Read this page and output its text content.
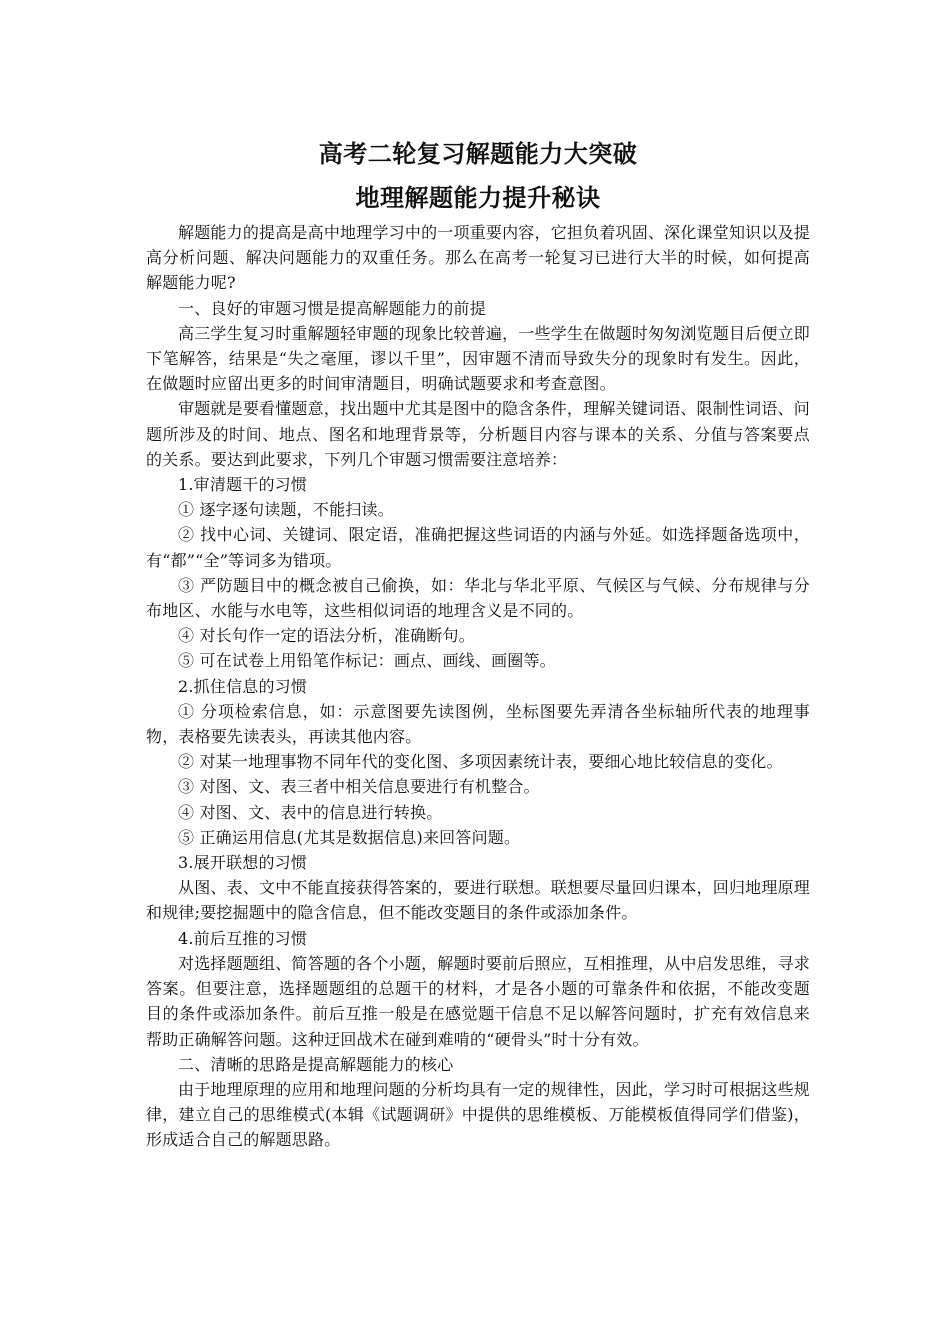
高考二轮复习解题能力大突破
地理解题能力提升秘诀

解题能力的提高是高中地理学习中的一项重要内容，它担负着巩固、深化课堂知识以及提高分析问题、解决问题能力的双重任务。那么在高考一轮复习已进行大半的时候，如何提高解题能力呢?

一、良好的审题习惯是提高解题能力的前提

高三学生复习时重解题轻审题的现象比较普遍，一些学生在做题时匆匆浏览题目后便立即下笔解答，结果是“失之毫厘，谬以千里”，因审题不清而导致失分的现象时有发生。因此，在做题时应留出更多的时间审清题目，明确试题要求和考查意图。

审题就是要看懂题意，找出题中尤其是图中的隐含条件，理解关键词语、限制性词语、问题所涉及的时间、地点、图名和地理背景等，分析题目内容与课本的关系、分值与答案要点的关系。要达到此要求，下列几个审题习惯需要注意培养：

1.审清题干的习惯

① 逐字逐句读题，不能扫读。

② 找中心词、关键词、限定语，准确把握这些词语的内涵与外延。如选择题备选项中，有“都”“全”等词多为错项。

③ 严防题目中的概念被自己偷换，如：华北与华北平原、气候区与气候、分布规律与分布地区、水能与水电等，这些相似词语的地理含义是不同的。

④ 对长句作一定的语法分析，准确断句。

⑤ 可在试卷上用铅笔作标记：画点、画线、画圈等。

2.抓住信息的习惯

① 分项检索信息，如：示意图要先读图例，坐标图要先弄清各坐标轴所代表的地理事物，表格要先读表头，再读其他内容。

② 对某一地理事物不同年代的变化图、多项因素统计表，要细心地比较信息的变化。

③ 对图、文、表三者中相关信息要进行有机整合。

④ 对图、文、表中的信息进行转换。

⑤ 正确运用信息(尤其是数据信息)来回答问题。

3.展开联想的习惯

从图、表、文中不能直接获得答案的，要进行联想。联想要尽量回归课本，回归地理原理和规律;要挖掘题中的隐含信息，但不能改变题目的条件或添加条件。

4.前后互推的习惯

对选择题题组、简答题的各个小题，解题时要前后照应，互相推理，从中启发思维，寻求答案。但要注意，选择题题组的总题干的材料，才是各小题的可靠条件和依据，不能改变题目的条件或添加条件。前后互推一般是在感觉题干信息不足以解答问题时，扩充有效信息来帮助正确解答问题。这种迂回战术在碰到难啃的“硬骨头”时十分有效。

二、清晰的思路是提高解题能力的核心

由于地理原理的应用和地理问题的分析均具有一定的规律性，因此，学习时可根据这些规律，建立自己的思维模式(本辑《试题调研》中提供的思维模板、万能模板值得同学们借鉴)，形成适合自己的解题思路。
